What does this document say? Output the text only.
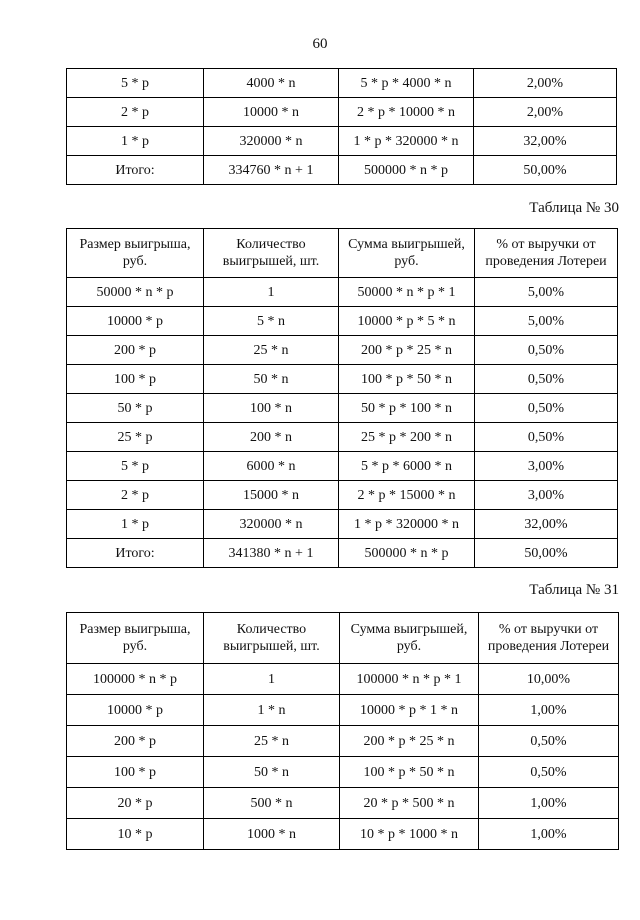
60
5 * р	4000 * n	5 * р * 4000 * n	2,00%
2 * р	10000 * n	2 * р * 10000 * n	2,00%
1 * р	320000 * n	1 * р * 320000 * n	32,00%
Итого:	334760 * n + 1	500000 * n * р	50,00%
Таблица № 30
Размер выигрыша, руб.	Количество выигрышей, шт.	Сумма выигрышей, руб.	% от выручки от проведения Лотереи
50000 * n * р	1	50000 * n * р * 1	5,00%
10000 * р	5 * n	10000 * р * 5 * n	5,00%
200 * р	25 * n	200 * р * 25 * n	0,50%
100 * р	50 * n	100 * р * 50 * n	0,50%
50 * р	100 * n	50 * р * 100 * n	0,50%
25 * р	200 * n	25 * р * 200 * n	0,50%
5 * р	6000 * n	5 * р * 6000 * n	3,00%
2 * р	15000 * n	2 * р * 15000 * n	3,00%
1 * р	320000 * n	1 * р * 320000 * n	32,00%
Итого:	341380 * n + 1	500000 * n * р	50,00%
Таблица № 31
Размер выигрыша, руб.	Количество выигрышей, шт.	Сумма выигрышей, руб.	% от выручки от проведения Лотереи
100000 * n * р	1	100000 * n * р * 1	10,00%
10000 * р	1 * n	10000 * р * 1 * n	1,00%
200 * р	25 * n	200 * р * 25 * n	0,50%
100 * р	50 * n	100 * р * 50 * n	0,50%
20 * р	500 * n	20 * р * 500 * n	1,00%
10 * р	1000 * n	10 * р * 1000 * n	1,00%
